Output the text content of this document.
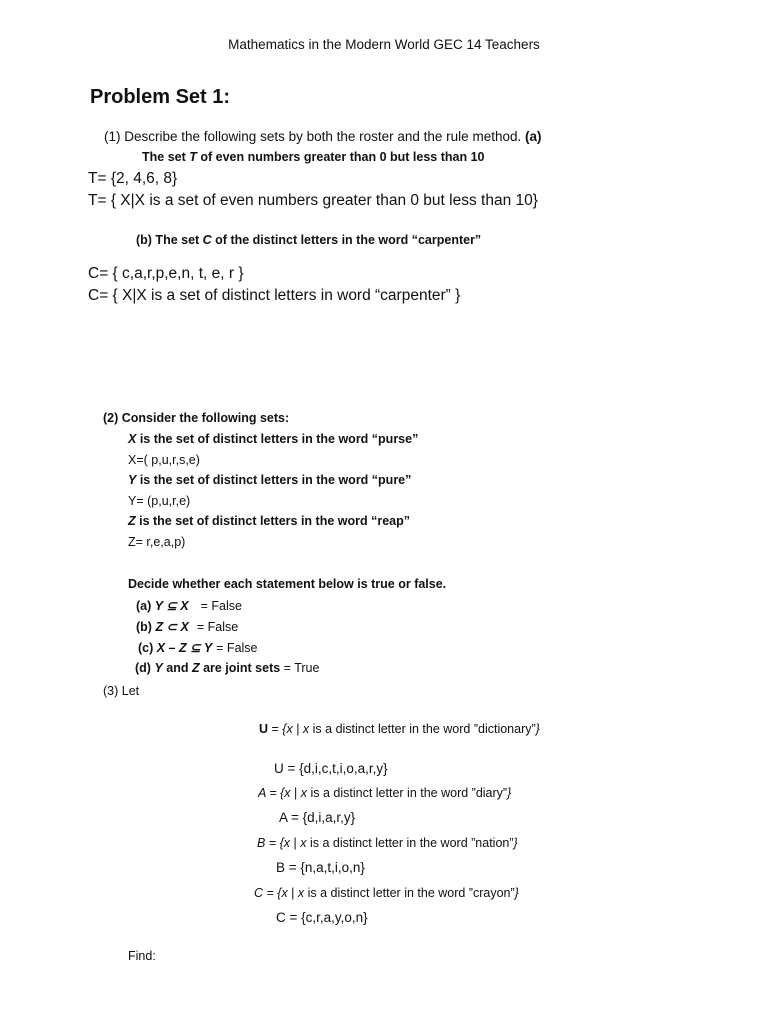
Mathematics in the Modern World GEC 14 Teachers
Problem Set 1:
(1) Describe the following sets by both the roster and the rule method. (a)
The set T of even numbers greater than 0 but less than 10
T= {2, 4,6, 8}
T= { X|X is a set of even numbers greater than 0 but less than 10}
(b) The set C of the distinct letters in the word “carpenter”
C= { c,a,r,p,e,n, t, e, r }
C= { X|X is a set of distinct letters in word “carpenter” }
(2) Consider the following sets:
X is the set of distinct letters in the word “purse”
X=( p,u,r,s,e)
Y is the set of distinct letters in the word “pure”
Y= (p,u,r,e)
Z is the set of distinct letters in the word “reap”
Z= r,e,a,p)
Decide whether each statement below is true or false.
(a) Y ⊆ X = False
(b) Z ⊂ X = False
(c) X – Z ⊆ Y = False
(d) Y and Z are joint sets = True
(3) Let
U = {x | x is a distinct letter in the word ”dictionary”}
U = {d,i,c,t,i,o,a,r,y}
A = {x | x is a distinct letter in the word ”diary”}
A = {d,i,a,r,y}
B = {x | x is a distinct letter in the word ”nation”}
B = {n,a,t,i,o,n}
C = {x | x is a distinct letter in the word ”crayon”}
C = {c,r,a,y,o,n}
Find:
